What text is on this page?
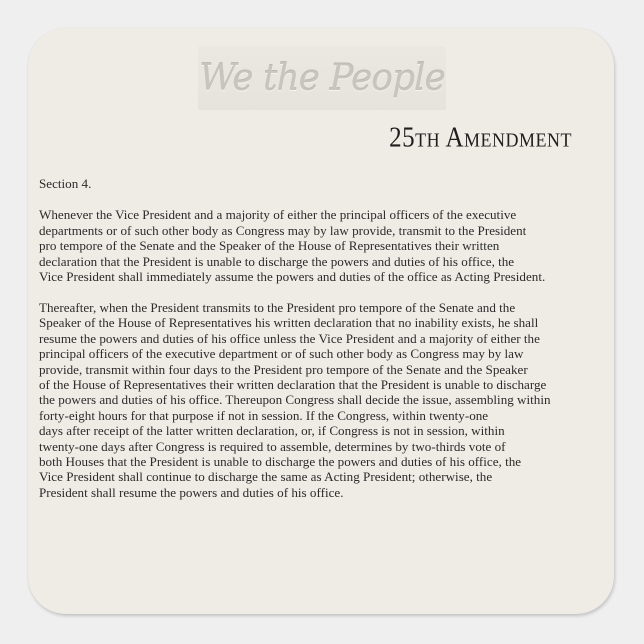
We the People
25th Amendment

Section 4.

Whenever the Vice President and a majority of either the principal officers of the executive
departments or of such other body as Congress may by law provide, transmit to the President
pro tempore of the Senate and the Speaker of the House of Representatives their written
declaration that the President is unable to discharge the powers and duties of his office, the
Vice President shall immediately assume the powers and duties of the office as Acting President.

Thereafter, when the President transmits to the President pro tempore of the Senate and the
Speaker of the House of Representatives his written declaration that no inability exists, he shall
resume the powers and duties of his office unless the Vice President and a majority of either the
principal officers of the executive department or of such other body as Congress may by law
provide, transmit within four days to the President pro tempore of the Senate and the Speaker
of the House of Representatives their written declaration that the President is unable to discharge
the powers and duties of his office. Thereupon Congress shall decide the issue, assembling within
forty-eight hours for that purpose if not in session. If the Congress, within twenty-one
days after receipt of the latter written declaration, or, if Congress is not in session, within
twenty-one days after Congress is required to assemble, determines by two-thirds vote of
both Houses that the President is unable to discharge the powers and duties of his office, the
Vice President shall continue to discharge the same as Acting President; otherwise, the
President shall resume the powers and duties of his office.
